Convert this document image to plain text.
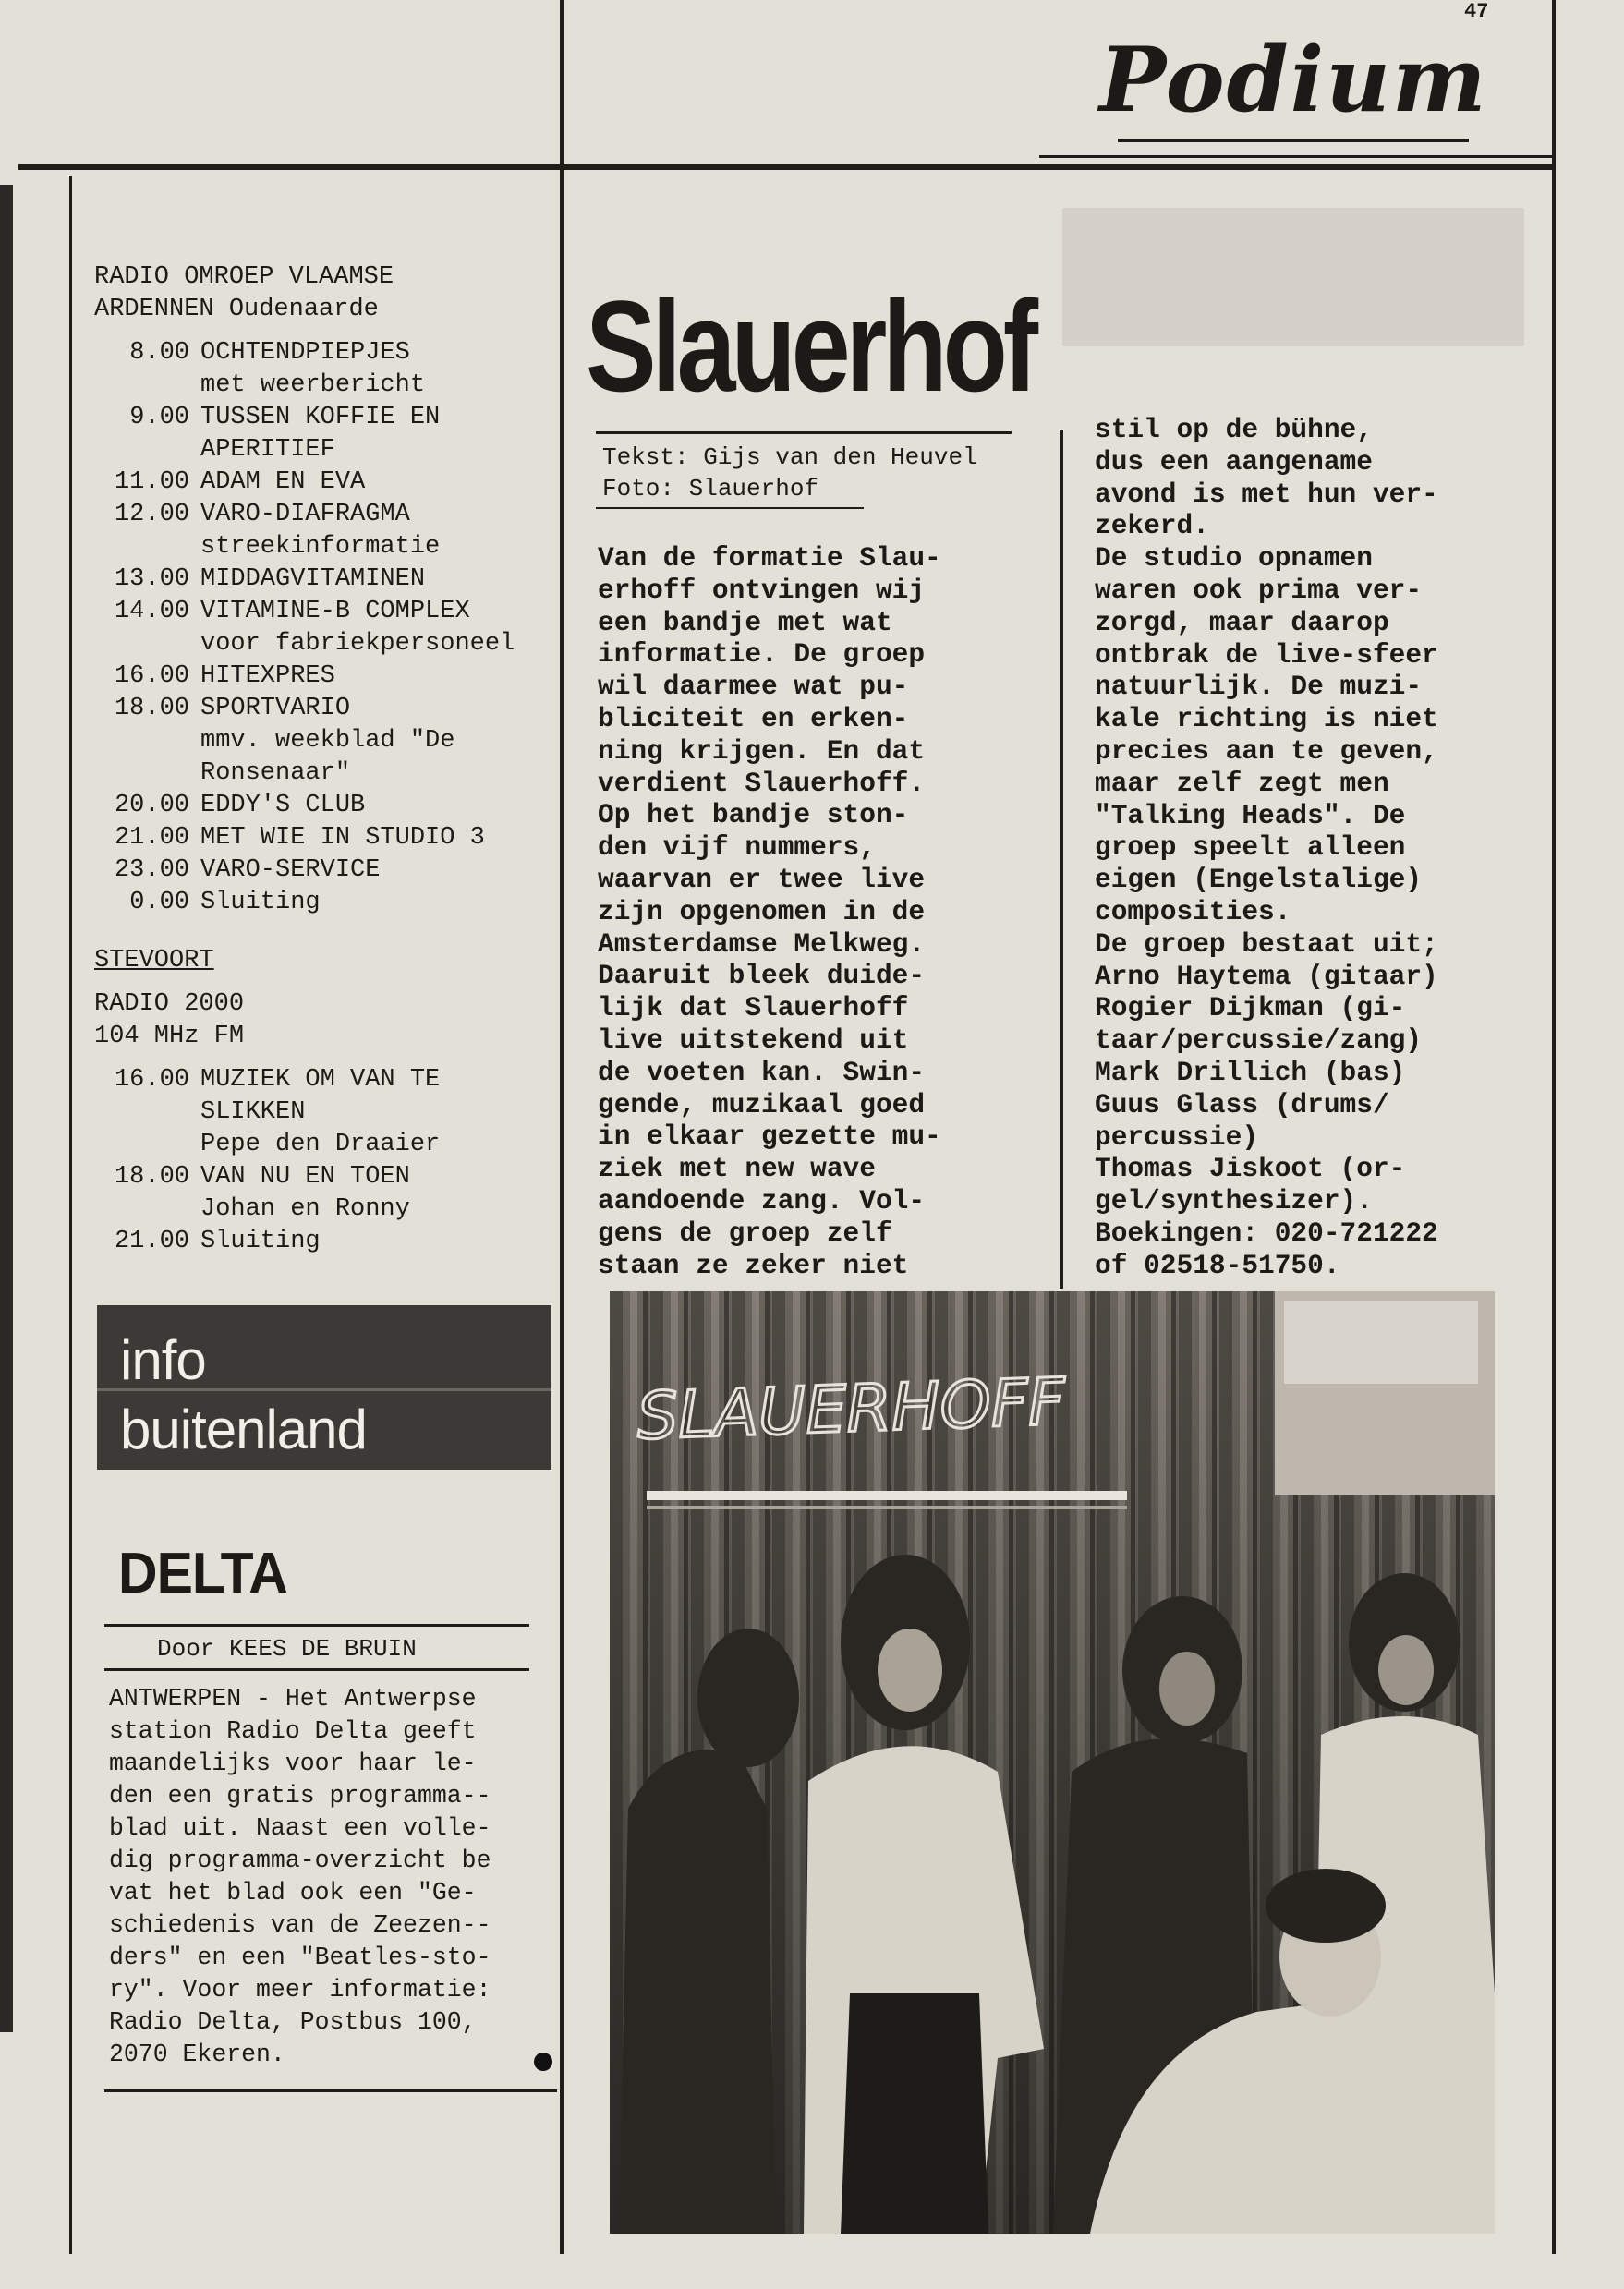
47
Podium
RADIO OMROEP VLAAMSE
ARDENNEN Oudenaarde
8.00 OCHTENDPIEPJES
met weerbericht
9.00 TUSSEN KOFFIE EN
APERITIEF
11.00 ADAM EN EVA
12.00 VARO-DIAFRAGMA
streekinformatie
13.00 MIDDAGVITAMINEN
14.00 VITAMINE-B COMPLEX
voor fabriekpersoneel
16.00 HITEXPRES
18.00 SPORTVARIO
mmv. weekblad "De
Ronsenaar"
20.00 EDDY'S CLUB
21.00 MET WIE IN STUDIO 3
23.00 VARO-SERVICE
0.00 Sluiting
STEVOORT
RADIO 2000
104 MHz FM
16.00 MUZIEK OM VAN TE
SLIKKEN
Pepe den Draaier
18.00 VAN NU EN TOEN
Johan en Ronny
21.00 Sluiting
info
buitenland
DELTA
Door KEES DE BRUIN
ANTWERPEN - Het Antwerpse
station Radio Delta geeft
maandelijks voor haar le-
den een gratis programma--
blad uit. Naast een volle-
dig programma-overzicht be
vat het blad ook een "Ge-
schiedenis van de Zeezen--
ders" en een "Beatles-sto-
ry". Voor meer informatie:
Radio Delta, Postbus 100,
2070 Ekeren.
Slauerhof
Tekst: Gijs van den Heuvel
Foto: Slauerhof
Van de formatie Slau-
erhoff ontvingen wij
een bandje met wat
informatie. De groep
wil daarmee wat pu-
bliciteit en erken-
ning krijgen. En dat
verdient Slauerhoff.
Op het bandje ston-
den vijf nummers,
waarvan er twee live
zijn opgenomen in de
Amsterdamse Melkweg.
Daaruit bleek duide-
lijk dat Slauerhoff
live uitstekend uit
de voeten kan. Swin-
gende, muzikaal goed
in elkaar gezette mu-
ziek met new wave
aandoende zang. Vol-
gens de groep zelf
staan ze zeker niet
stil op de bühne,
dus een aangename
avond is met hun ver-
zekerd.
De studio opnamen
waren ook prima ver-
zorgd, maar daarop
ontbrak de live-sfeer
natuurlijk. De muzi-
kale richting is niet
precies aan te geven,
maar zelf zegt men
"Talking Heads". De
groep speelt alleen
eigen (Engelstalige)
composities.
De groep bestaat uit;
Arno Haytema (gitaar)
Rogier Dijkman (gi-
taar/percussie/zang)
Mark Drillich (bas)
Guus Glass (drums/
percussie)
Thomas Jiskoot (or-
gel/synthesizer).
Boekingen: 020-721222
of 02518-51750.
SLAUERHOFF
